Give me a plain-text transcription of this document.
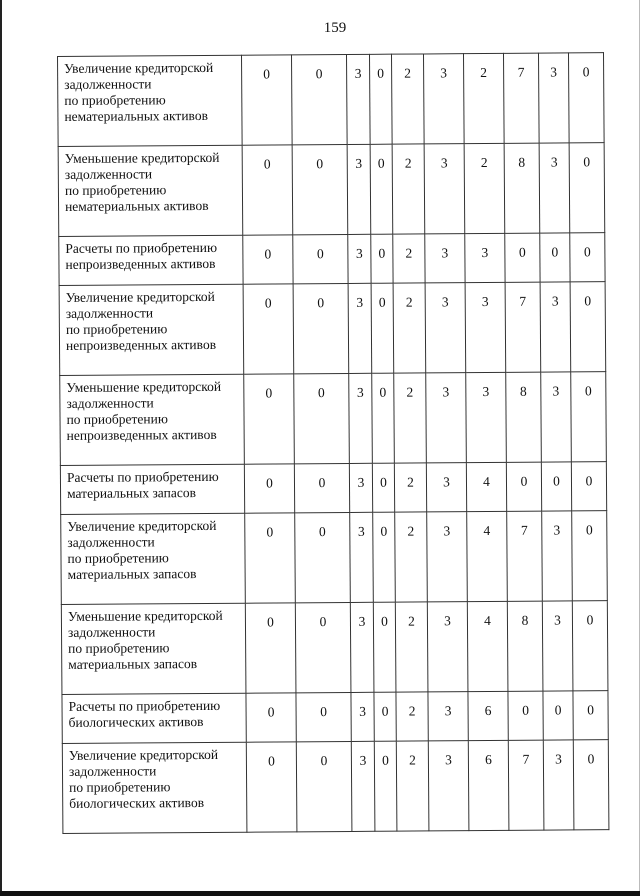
159
Увеличение кредиторской
задолженности
по приобретению
нематериальных активов	0	0	3	0	2	3	2	7	3	0

Уменьшение кредиторской
задолженности
по приобретению
нематериальных активов	0	0	3	0	2	3	2	8	3	0

Расчеты по приобретению
непроизведенных активов	0	0	3	0	2	3	3	0	0	0

Увеличение кредиторской
задолженности
по приобретению
непроизведенных активов	0	0	3	0	2	3	3	7	3	0

Уменьшение кредиторской
задолженности
по приобретению
непроизведенных активов	0	0	3	0	2	3	3	8	3	0

Расчеты по приобретению
материальных запасов	0	0	3	0	2	3	4	0	0	0

Увеличение кредиторской
задолженности
по приобретению
материальных запасов	0	0	3	0	2	3	4	7	3	0

Уменьшение кредиторской
задолженности
по приобретению
материальных запасов	0	0	3	0	2	3	4	8	3	0

Расчеты по приобретению
биологических активов	0	0	3	0	2	3	6	0	0	0

Увеличение кредиторской
задолженности
по приобретению
биологических активов	0	0	3	0	2	3	6	7	3	0
